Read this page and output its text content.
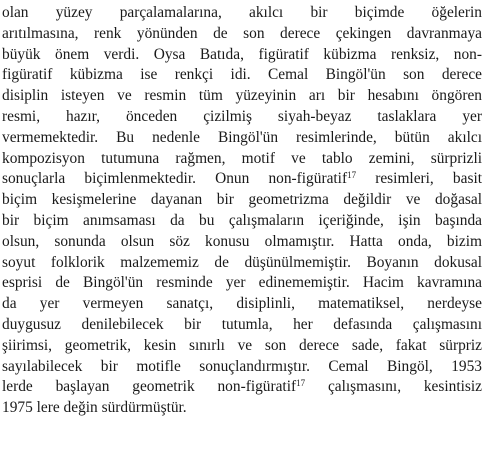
olan yüzey parçalamalarına, akılcı bir biçimde öğelerin
arıtılmasına, renk yönünden de son derece çekingen davranmaya
büyük önem verdi. Oysa Batıda, figüratif kübizma renksiz, non-
figüratif kübizma ise renkçi idi. Cemal Bingöl'ün son derece
disiplin isteyen ve resmin tüm yüzeyinin arı bir hesabını öngören
resmi, hazır, önceden çizilmiş siyah-beyaz taslaklara yer
vermemektedir. Bu nedenle Bingöl'ün resimlerinde, bütün akılcı
kompozisyon tutumuna rağmen, motif ve tablo zemini, sürprizli
sonuçlarla biçimlenmektedir. Onun non-figüratif$^{17}$ resimleri, basit
biçim kesişmelerine dayanan bir geometrizma değildir ve doğasal
bir biçim anımsaması da bu çalışmaların içeriğinde, işin başında
olsun, sonunda olsun söz konusu olmamıştır. Hatta onda, bizim
soyut folklorik malzememiz de düşünülmemiştir. Boyanın dokusal
esprisi de Bingöl'ün resminde yer edinememiştir. Hacim kavramına
da yer vermeyen sanatçı, disiplinli, matematiksel, nerdeyse
duygusuz denilebilecek bir tutumla, her defasında çalışmasını
şiirimsi, geometrik, kesin sınırlı ve son derece sade, fakat sürpriz
sayılabilecek bir motifle sonuçlandırmıştır. Cemal Bingöl, 1953
lerde başlayan geometrik non-figüratif$^{17}$ çalışmasını, kesintisiz
1975 lere değin sürdürmüştür.
